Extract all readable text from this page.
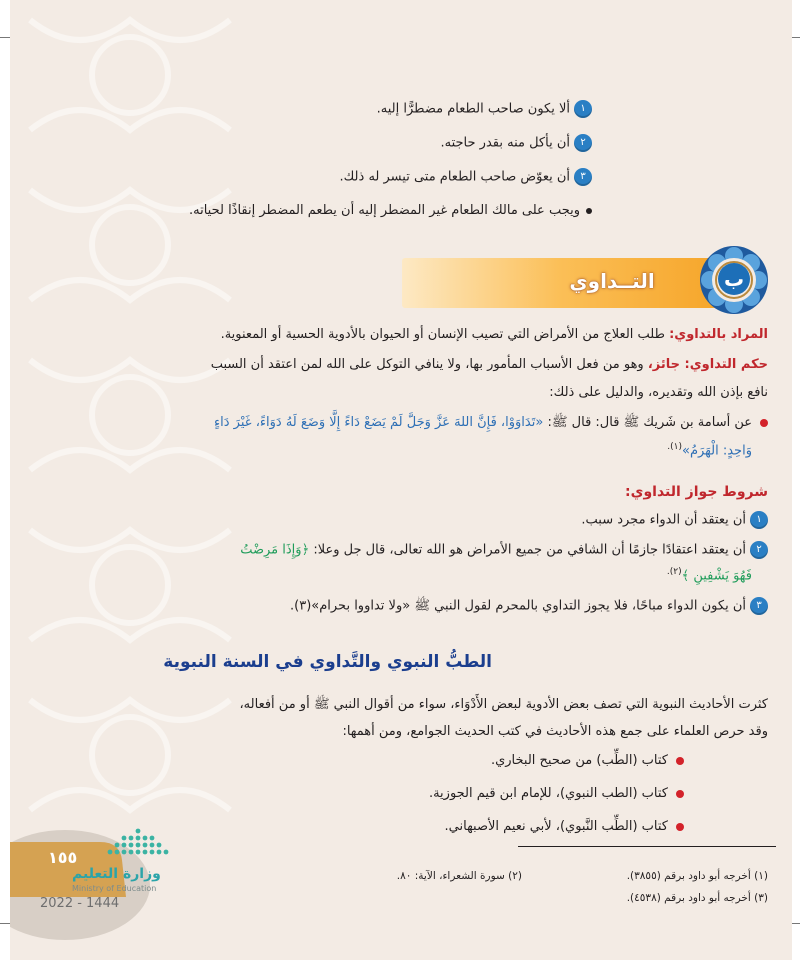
١ألا يكون صاحب الطعام مضطرًّا إليه.
٢أن يأكل منه بقدر حاجته.
٣أن يعوّض صاحب الطعام متى تيسر له ذلك.
ويجب على مالك الطعام غير المضطر إليه أن يطعم المضطر إنقاذًا لحياته.
التــداوي	ب
المراد بالتداوي: طلب العلاج من الأمراض التي تصيب الإنسان أو الحيوان بالأدوية الحسية أو المعنوية.
حكم التداوي: جائز، وهو من فعل الأسباب المأمور بها، ولا ينافي التوكل على الله لمن اعتقد أن السبب
نافع بإذن الله وتقديره، والدليل على ذلك:
عن أسامة بن شَريك ﷺ قال: قال ﷺ: «تَدَاوَوْا، فَإِنَّ اللهَ عَزَّ وَجَلَّ لَمْ يَضَعْ دَاءً إِلَّا وَضَعَ لَهُ دَوَاءً، غَيْرَ دَاءٍ
وَاحِدٍ: الْهَرَمُ»$^{(١).}$
شروط جواز التداوي:
١أن يعتقد أن الدواء مجرد سبب.
٢أن يعتقد اعتقادًا جازمًا أن الشافي من جميع الأمراض هو الله تعالى، قال جل وعلا: ﴿وَإِذَا مَرِضْتُ
فَهُوَ يَشْفِينِ ﴾$^{(٢).}$
٣أن يكون الدواء مباحًا، فلا يجوز التداوي بالمحرم لقول النبي ﷺ «ولا تداووا بحرام»(٣).
الطبُّ النبوي والتَّداوي في السنة النبوية
كثرت الأحاديث النبوية التي تصف بعض الأدوية لبعض الأَدْوَاء، سواء من أقوال النبي ﷺ أو من أفعاله،
وقد حرص العلماء على جمع هذه الأحاديث في كتب الحديث الجوامع، ومن أهمها:
كتاب (الطِّب) من صحيح البخاري.
كتاب (الطب النبوي)، للإمام ابن قيم الجوزية.
كتاب (الطِّب النَّبوي)، لأبي نعيم الأصبهاني.
(١) أخرجه أبو داود برقم (٣٨٥٥).
(٢) سورة الشعراء، الآية: ٨٠.
(٣) أخرجه أبو داود برقم (٤٥٣٨).
١٥٥
وزارة التعليم
Ministry of Education
2022 - 1444
